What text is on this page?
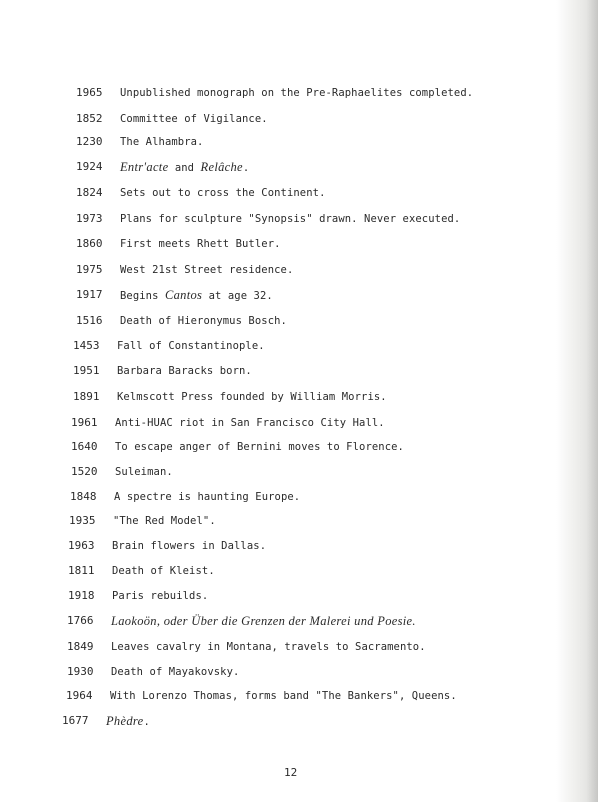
1965	Unpublished monograph on the Pre-Raphaelites completed.
1852	Committee of Vigilance.
1230	The Alhambra.
1924	Entr'acte and Relâche.
1824	Sets out to cross the Continent.
1973	Plans for sculpture "Synopsis" drawn. Never executed.
1860	First meets Rhett Butler.
1975	West 21st Street residence.
1917	Begins Cantos at age 32.
1516	Death of Hieronymus Bosch.
1453	Fall of Constantinople.
1951	Barbara Baracks born.
1891	Kelmscott Press founded by William Morris.
1961	Anti-HUAC riot in San Francisco City Hall.
1640	To escape anger of Bernini moves to Florence.
1520	Suleiman.
1848	A spectre is haunting Europe.
1935	"The Red Model".
1963	Brain flowers in Dallas.
1811	Death of Kleist.
1918	Paris rebuilds.
1766	Laokoön, oder Über die Grenzen der Malerei und Poesie.
1849	Leaves cavalry in Montana, travels to Sacramento.
1930	Death of Mayakovsky.
1964	With Lorenzo Thomas, forms band "The Bankers", Queens.
1677	Phèdre.
12
